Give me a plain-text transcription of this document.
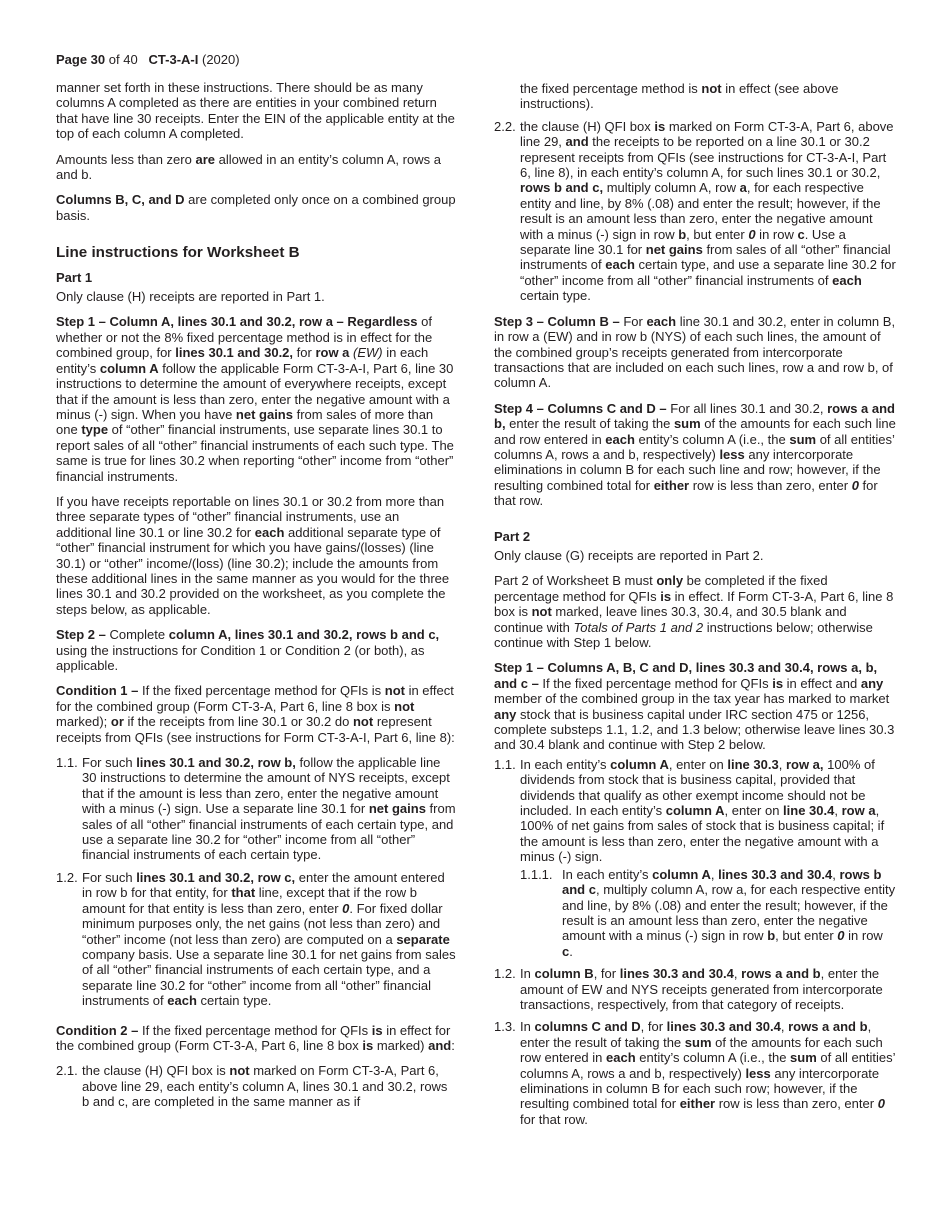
Page 30 of 40 CT-3-A-I (2020)

manner set forth in these instructions. There should be as many columns A completed as there are entities in your combined return that have line 30 receipts. Enter the EIN of the applicable entity at the top of each column A completed.

Amounts less than zero are allowed in an entity’s column A, rows a and b.

Columns B, C, and D are completed only once on a combined group basis.

Line instructions for Worksheet B
Part 1

Only clause (H) receipts are reported in Part 1.

Step 1 – Column A, lines 30.1 and 30.2, row a – Regardless of whether or not the 8% fixed percentage method is in effect for the combined group, for lines 30.1 and 30.2, for row a (EW) in each entity’s column A follow the applicable Form CT-3-A-I, Part 6, line 30 instructions to determine the amount of everywhere receipts, except that if the amount is less than zero, enter the negative amount with a minus (-) sign. When you have net gains from sales of more than one type of “other” financial instruments, use separate lines 30.1 to report sales of all “other” financial instruments of each such type. The same is true for lines 30.2 when reporting “other” income from “other” financial instruments.

If you have receipts reportable on lines 30.1 or 30.2 from more than three separate types of “other” financial instruments, use an additional line 30.1 or line 30.2 for each additional separate type of “other” financial instrument for which you have gains/(losses) (line 30.1) or “other” income/(loss) (line 30.2); include the amounts from these additional lines in the same manner as you would for the three lines 30.1 and 30.2 provided on the worksheet, as you complete the steps below, as applicable.

Step 2 – Complete column A, lines 30.1 and 30.2, rows b and c, using the instructions for Condition 1 or Condition 2 (or both), as applicable.

Condition 1 – If the fixed percentage method for QFIs is not in effect for the combined group (Form CT-3-A, Part 6, line 8 box is not marked); or if the receipts from line 30.1 or 30.2 do not represent receipts from QFIs (see instructions for Form CT-3-A-I, Part 6, line 8):

1.1. For such lines 30.1 and 30.2, row b, follow the applicable line 30 instructions to determine the amount of NYS receipts, except that if the amount is less than zero, enter the negative amount with a minus (-) sign. Use a separate line 30.1 for net gains from sales of all “other” financial instruments of each certain type, and use a separate line 30.2 for “other” income from all “other” financial instruments of each certain type.
1.2. For such lines 30.1 and 30.2, row c, enter the amount entered in row b for that entity, for that line, except that if the row b amount for that entity is less than zero, enter 0. For fixed dollar minimum purposes only, the net gains (not less than zero) and “other” income (not less than zero) are computed on a separate company basis. Use a separate line 30.1 for net gains from sales of all “other” financial instruments of each certain type, and a separate line 30.2 for “other” income from all “other” financial instruments of each certain type.

Condition 2 – If the fixed percentage method for QFIs is in effect for the combined group (Form CT-3-A, Part 6, line 8 box is marked) and:

2.1. the clause (H) QFI box is not marked on Form CT-3-A, Part 6, above line 29, each entity’s column A, lines 30.1 and 30.2, rows b and c, are completed in the same manner as if
the fixed percentage method is not in effect (see above instructions).
2.2. the clause (H) QFI box is marked on Form CT-3-A, Part 6, above line 29, and the receipts to be reported on a line 30.1 or 30.2 represent receipts from QFIs (see instructions for CT-3-A-I, Part 6, line 8), in each entity’s column A, for such lines 30.1 or 30.2, rows b and c, multiply column A, row a, for each respective entity and line, by 8% (.08) and enter the result; however, if the result is an amount less than zero, enter the negative amount with a minus (-) sign in row b, but enter 0 in row c. Use a separate line 30.1 for net gains from sales of all “other” financial instruments of each certain type, and use a separate line 30.2 for “other” income from all “other” financial instruments of each certain type.

Step 3 – Column B – For each line 30.1 and 30.2, enter in column B, in row a (EW) and in row b (NYS) of each such lines, the amount of the combined group’s receipts generated from intercorporate transactions that are included on each such lines, row a and row b, of column A.

Step 4 – Columns C and D – For all lines 30.1 and 30.2, rows a and b, enter the result of taking the sum of the amounts for each such line and row entered in each entity’s column A (i.e., the sum of all entities’ columns A, rows a and b, respectively) less any intercorporate eliminations in column B for each such line and row; however, if the resulting combined total for either row is less than zero, enter 0 for that row.

Part 2

Only clause (G) receipts are reported in Part 2.

Part 2 of Worksheet B must only be completed if the fixed percentage method for QFIs is in effect. If Form CT-3-A, Part 6, line 8 box is not marked, leave lines 30.3, 30.4, and 30.5 blank and continue with Totals of Parts 1 and 2 instructions below; otherwise continue with Step 1 below.

Step 1 – Columns A, B, C and D, lines 30.3 and 30.4, rows a, b, and c – If the fixed percentage method for QFIs is in effect and any member of the combined group in the tax year has marked to market any stock that is business capital under IRC section 475 or 1256, complete substeps 1.1, 1.2, and 1.3 below; otherwise leave lines 30.3 and 30.4 blank and continue with Step 2 below.

1.1. In each entity’s column A, enter on line 30.3, row a, 100% of dividends from stock that is business capital, provided that dividends that qualify as other exempt income should not be included. In each entity’s column A, enter on line 30.4, row a, 100% of net gains from sales of stock that is business capital; if the amount is less than zero, enter the negative amount with a minus (-) sign.
1.1.1. In each entity’s column A, lines 30.3 and 30.4, rows b and c, multiply column A, row a, for each respective entity and line, by 8% (.08) and enter the result; however, if the result is an amount less than zero, enter the negative amount with a minus (-) sign in row b, but enter 0 in row c.
1.2. In column B, for lines 30.3 and 30.4, rows a and b, enter the amount of EW and NYS receipts generated from intercorporate transactions, respectively, from that category of receipts.
1.3. In columns C and D, for lines 30.3 and 30.4, rows a and b, enter the result of taking the sum of the amounts for each such row entered in each entity’s column A (i.e., the sum of all entities’ columns A, rows a and b, respectively) less any intercorporate eliminations in column B for each such row; however, if the resulting combined total for either row is less than zero, enter 0 for that row.
